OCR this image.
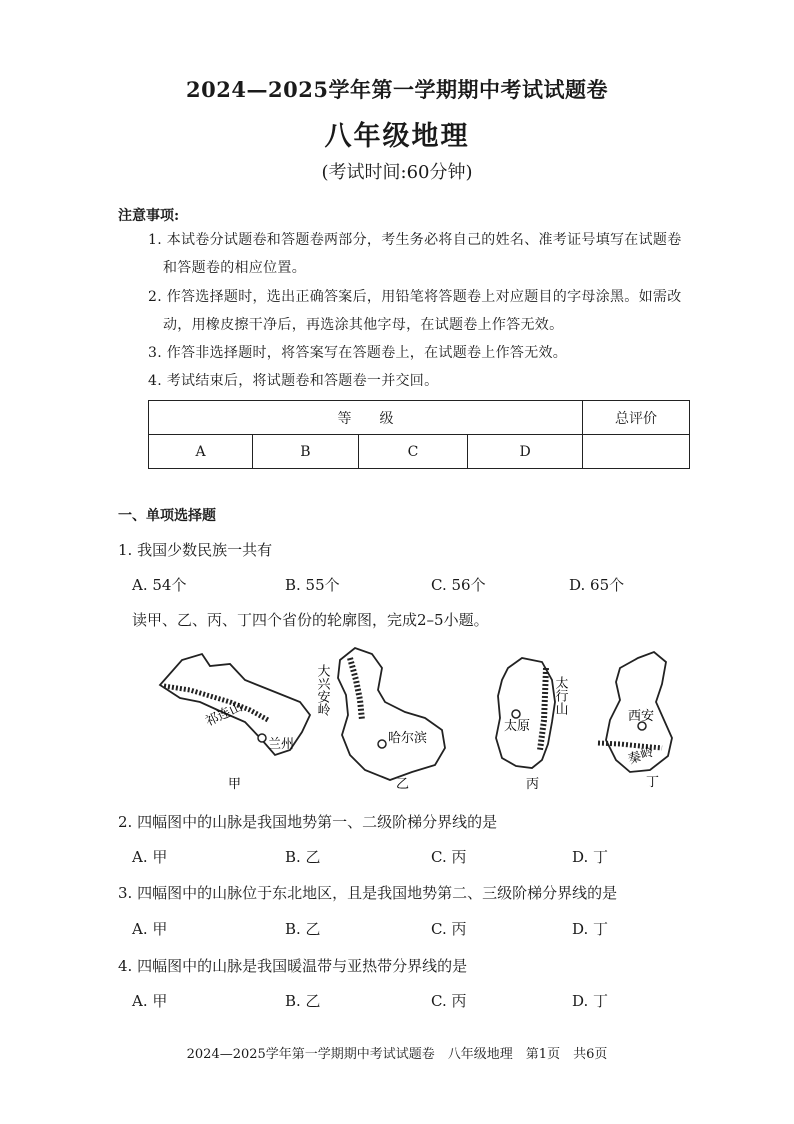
2024—2025学年第一学期期中考试试题卷
八年级地理
(考试时间:60分钟)
注意事项:
1. 本试卷分试题卷和答题卷两部分，考生务必将自己的姓名、准考证号填写在试题卷
和答题卷的相应位置。
2. 作答选择题时，选出正确答案后，用铅笔将答题卷上对应题目的字母涂黑。如需改
动，用橡皮擦干净后，再选涂其他字母，在试题卷上作答无效。
3. 作答非选择题时，将答案写在答题卷上，在试题卷上作答无效。
4. 考试结束后，将试题卷和答题卷一并交回。
等　　级				总评价
A	B	C	D	
一、单项选择题
1. 我国少数民族一共有
A. 54个	B. 55个	C. 56个	D. 65个
读甲、乙、丙、丁四个省份的轮廓图，完成2–5小题。
祁连山
兰州
甲
大兴安岭
哈尔滨
乙
太行山
太原
丙
西安
秦岭
丁
2. 四幅图中的山脉是我国地势第一、二级阶梯分界线的是
A. 甲	B. 乙	C. 丙	D. 丁
3. 四幅图中的山脉位于东北地区，且是我国地势第二、三级阶梯分界线的是
A. 甲	B. 乙	C. 丙	D. 丁
4. 四幅图中的山脉是我国暖温带与亚热带分界线的是
A. 甲	B. 乙	C. 丙	D. 丁
2024—2025学年第一学期期中考试试题卷　八年级地理　第1页　共6页
